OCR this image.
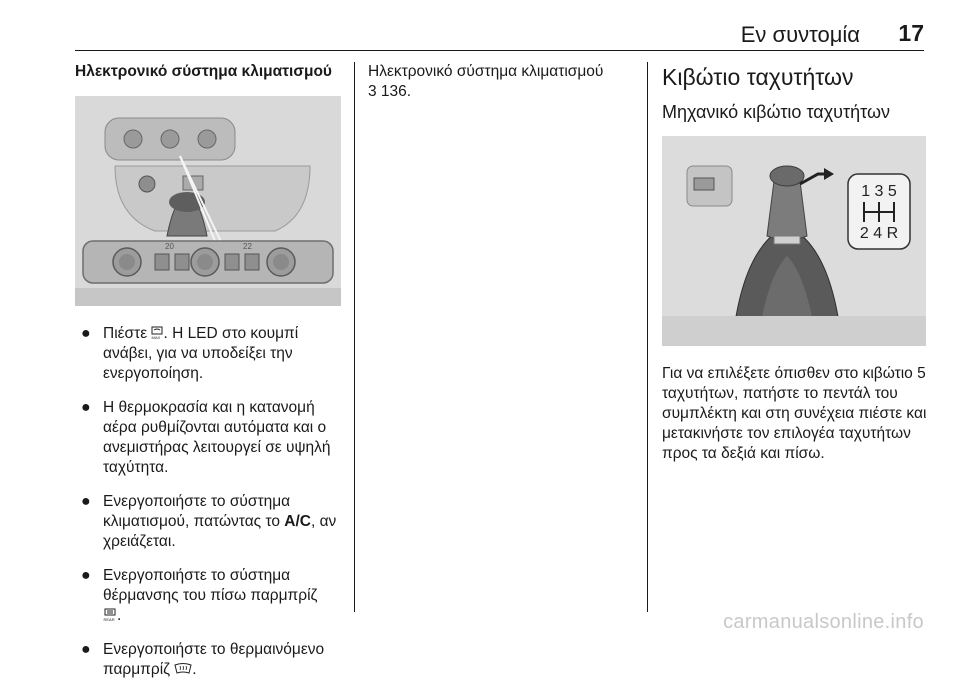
Εν συντομία 17

Ηλεκτρονικό σύστημα κλιματισμού

20	22
● Πιέστε MAX . Η LED στο κουμπί ανάβει, για να υποδείξει την ενεργοποίηση.
● Η θερμοκρασία και η κατανομή αέρα ρυθμίζονται αυτόματα και ο ανεμιστήρας λειτουργεί σε υψηλή ταχύτητα.
● Ενεργοποιήστε το σύστημα κλιματισμού, πατώντας το A/C, αν χρειάζεται.
● Ενεργοποιήστε το σύστημα θέρμανσης του πίσω παρμπρίζ

REAR .
● Ενεργοποιήστε το θερμαινόμενο παρμπρίζ .

Ηλεκτρονικό σύστημα κλιματισμού

3 136.

Κιβώτιο ταχυτήτων

Μηχανικό κιβώτιο ταχυτήτων

1 3 5
2 4 R

Για να επιλέξετε όπισθεν στο κιβώτιο 5 ταχυτήτων, πατήστε το πεντάλ του συμπλέκτη και στη συνέχεια πιέστε και μετακινήστε τον επιλογέα ταχυτήτων προς τα δεξιά και πίσω.

carmanualsonline.info
